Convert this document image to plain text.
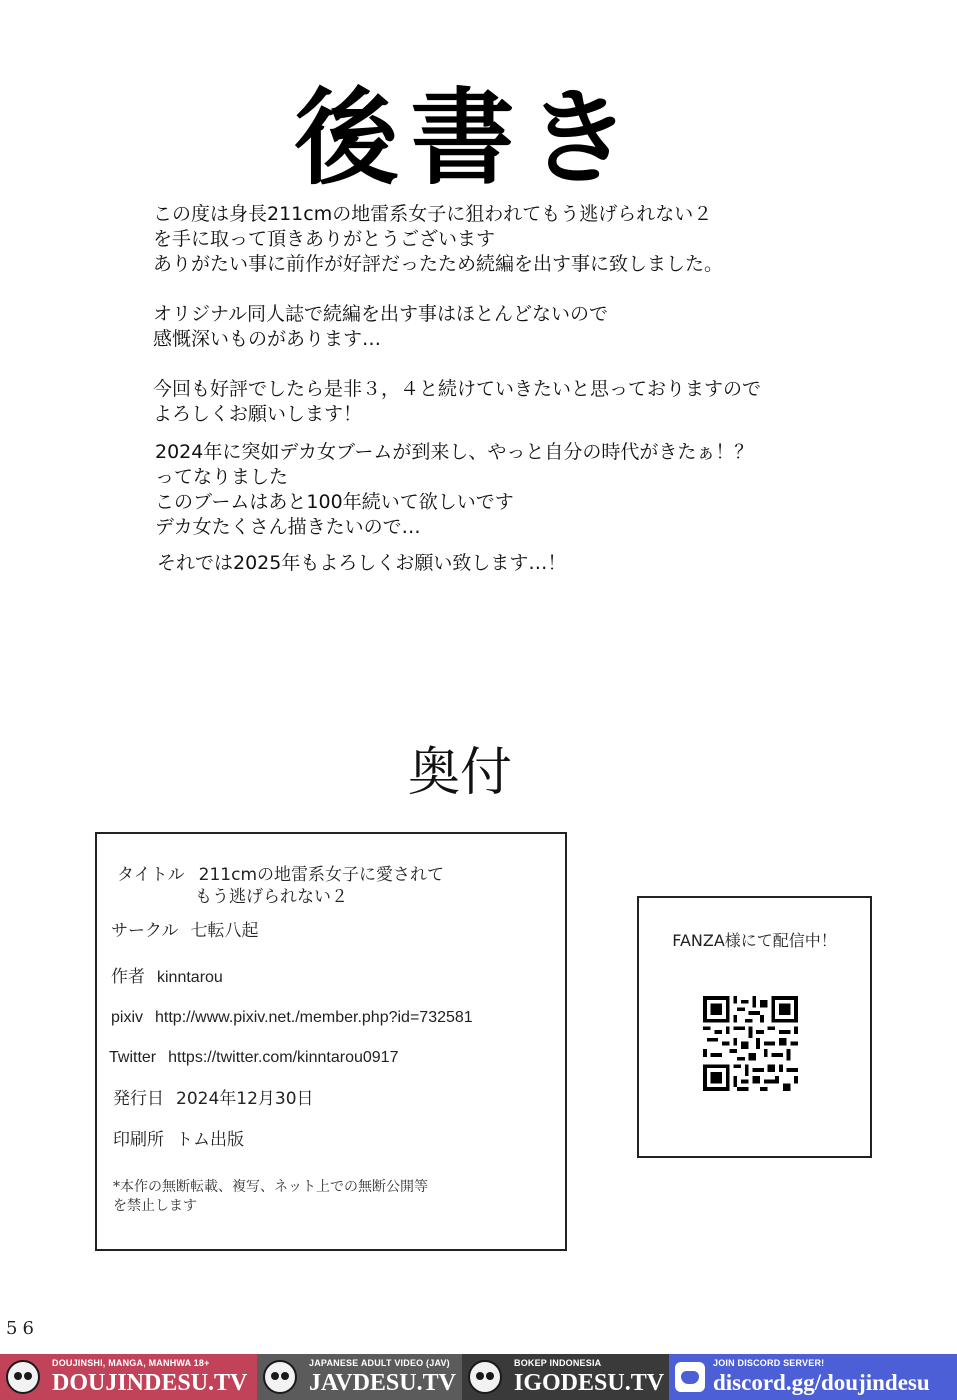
後書き
この度は身長211cmの地雷系女子に狙われてもう逃げられない２
を手に取って頂きありがとうございます
ありがたい事に前作が好評だったため続編を出す事に致しました。
オリジナル同人誌で続編を出す事はほとんどないので
感慨深いものがあります…
今回も好評でしたら是非３，４と続けていきたいと思っておりますので
よろしくお願いします！
2024年に突如デカ女ブームが到来し、やっと自分の時代がきたぁ！？
ってなりました
このブームはあと100年続いて欲しいです
デカ女たくさん描きたいので…
それでは2025年もよろしくお願い致します…！
奥付
タイトル 211cmの地雷系女子に愛されて
もう逃げられない２
サークル 七転八起
作者 kinntarou
pixiv http://www.pixiv.net./member.php?id=732581
Twitter https://twitter.com/kinntarou0917
発行日 2024年12月30日
印刷所 トム出版
*本作の無断転載、複写、ネット上での無断公開等
を禁止します
FANZA様にて配信中！
56
DOUJINSHI, MANGA, MANHWA 18+
DOUJINDESU.TV
JAPANESE ADULT VIDEO (JAV)
JAVDESU.TV
BOKEP INDONESIA
IGODESU.TV
JOIN DISCORD SERVER!
discord.gg/doujindesu
